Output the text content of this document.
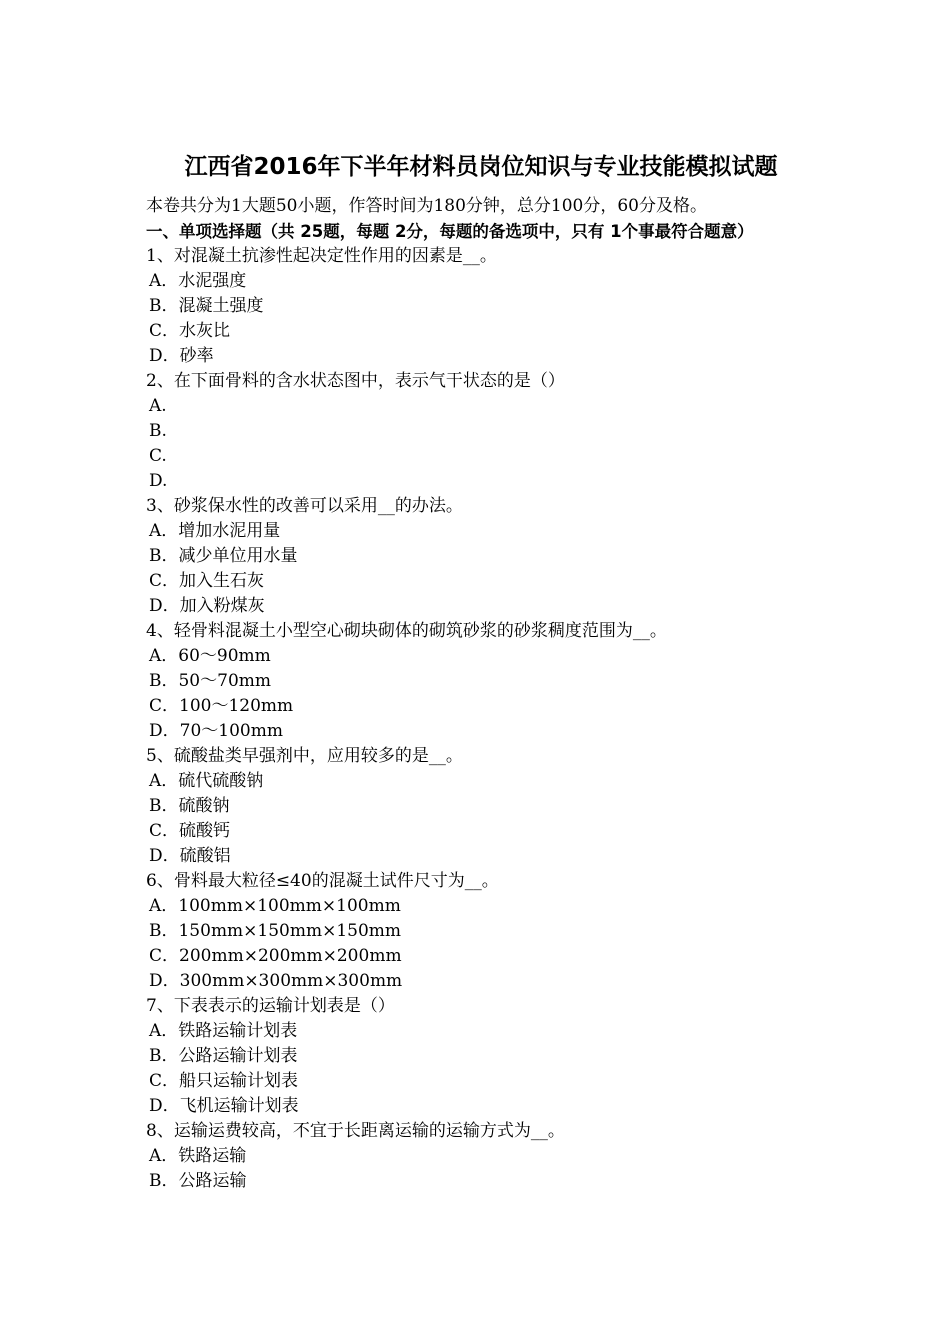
江西省2016年下半年材料员岗位知识与专业技能模拟试题

本卷共分为1大题50小题，作答时间为180分钟，总分100分，60分及格。

一、单项选择题（共 25题，每题 2分，每题的备选项中，只有 1个事最符合题意）

1、对混凝土抗渗性起决定性作用的因素是__。

A．水泥强度

B．混凝土强度

C．水灰比

D．砂率

2、在下面骨料的含水状态图中，表示气干状态的是（）

A.

B.

C.

D.

3、砂浆保水性的改善可以采用__的办法。

A．增加水泥用量

B．减少单位用水量

C．加入生石灰

D．加入粉煤灰

4、轻骨料混凝土小型空心砌块砌体的砌筑砂浆的砂浆稠度范围为__。

A．60～90mm

B．50～70mm

C．100～120mm

D．70～100mm

5、硫酸盐类早强剂中，应用较多的是__。

A．硫代硫酸钠

B．硫酸钠

C．硫酸钙

D．硫酸铝

6、骨料最大粒径≤40的混凝土试件尺寸为__。

A．100mm×100mm×100mm

B．150mm×150mm×150mm

C．200mm×200mm×200mm

D．300mm×300mm×300mm

7、下表表示的运输计划表是（）

A．铁路运输计划表

B．公路运输计划表

C．船只运输计划表

D．飞机运输计划表

8、运输运费较高，不宜于长距离运输的运输方式为__。

A．铁路运输

B．公路运输
